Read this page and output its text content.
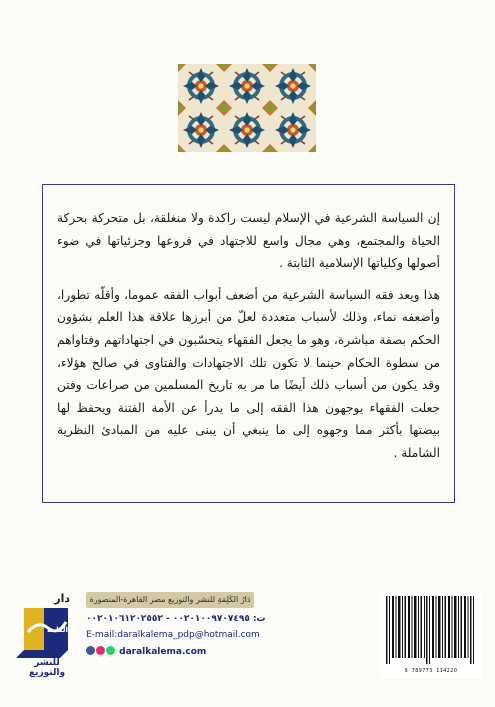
إن السياسة الشرعية في الإسلام ليست راكدة ولا منغلقة، بل متحركة بحركة الحياة والمجتمع، وهي مجال واسع للاجتهاد في فروعها وجزئياتها في ضوء أصولها وكلياتها الإسلامية الثابتة .

هذا ويعد فقه السياسة الشرعية من أضعف أبواب الفقه عموما، وأقلّه تطورا، وأضعفه نماء، وذلك لأسباب متعددة لعلّ من أبرزها علاقة هذا العلم بشؤون الحكم بصفة مباشرة، وهو ما يجعل الفقهاء يتحسّبون في اجتهاداتهم وفتاواهم من سطوة الحكام حينما لا تكون تلك الاجتهادات والفتاوى في صالح هؤلاء، وقد يكون من أسباب ذلك أيضًا ما مر به تاريخ المسلمين من صراعات وفتن جعلت الفقهاء يوجهون هذا الفقه إلى ما يدرأ عن الأمة الفتنة ويحفظ لها بيضتها بأكثر مما وجهوه إلى ما ينبغي أن يبنى عليه من المبادئ النظرية الشاملة .

دار
الكلمة
للنشر والتوزيع
دَارُ الكَلِمَةِ للنشر والتوزيع مصر القاهرة-المنصورة
ت: ٠٠٢٠١٠٠٩٧٠٧٤٩٥ - ٠٠٢٠١٠٦١٢٠٢٥٥٢
E-mail:daralkalema_pdp@hotmail.com
daralkalema.com
9 789773 114220
